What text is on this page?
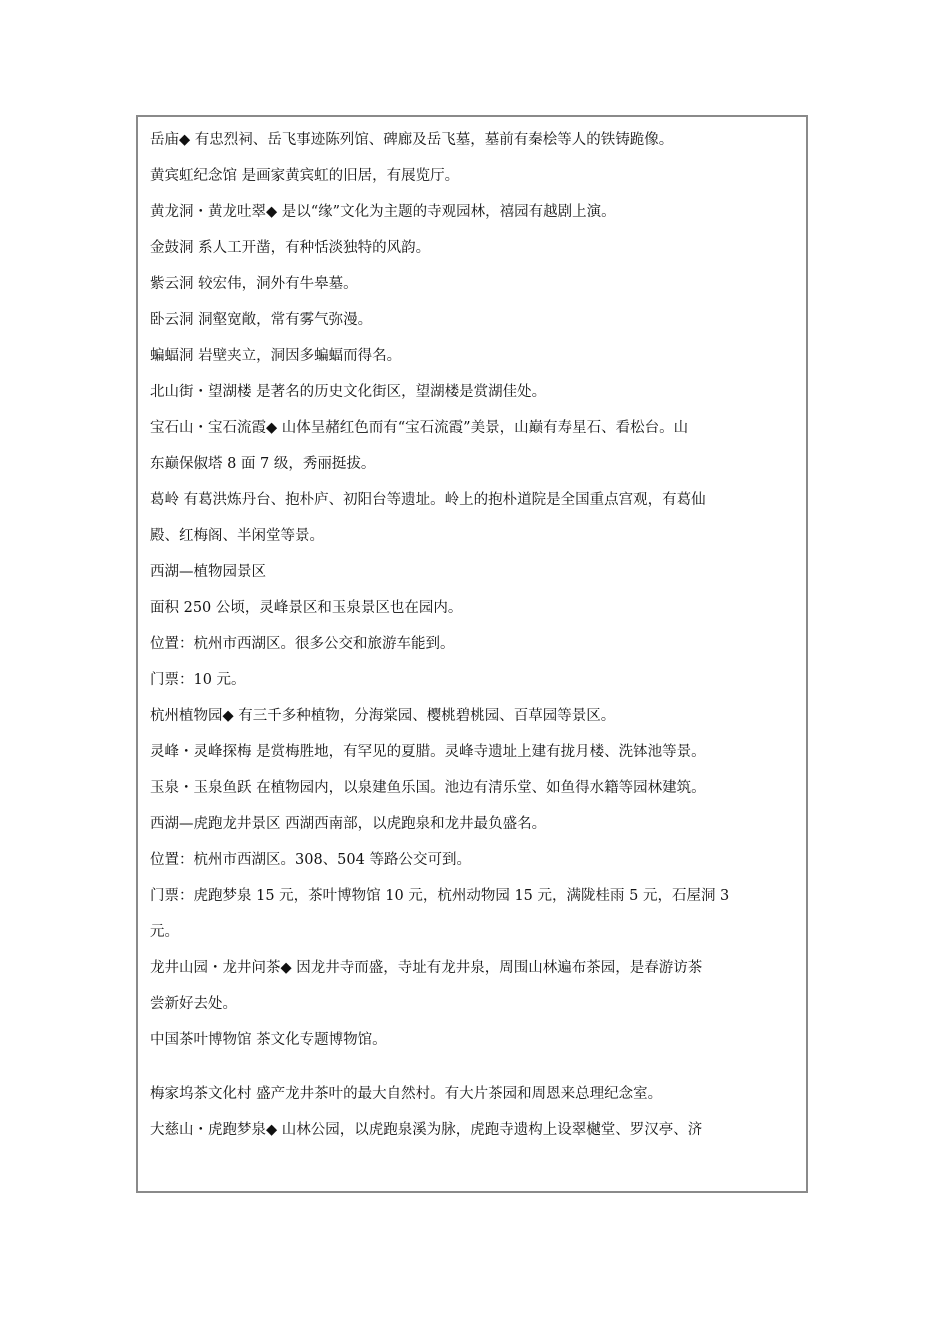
岳庙◆ 有忠烈祠、岳飞事迹陈列馆、碑廊及岳飞墓，墓前有秦桧等人的铁铸跪像。
黄宾虹纪念馆 是画家黄宾虹的旧居，有展览厅。
黄龙洞・黄龙吐翠◆ 是以“缘”文化为主题的寺观园林，禧园有越剧上演。
金鼓洞 系人工开凿，有种恬淡独特的风韵。
紫云洞 较宏伟，洞外有牛皋墓。
卧云洞 洞壑宽敞，常有雾气弥漫。
蝙蝠洞 岩壁夹立，洞因多蝙蝠而得名。
北山街・望湖楼 是著名的历史文化街区，望湖楼是赏湖佳处。
宝石山・宝石流霞◆ 山体呈赭红色而有“宝石流霞”美景，山巅有寿星石、看松台。山
东巅保俶塔 8 面 7 级，秀丽挺拔。
葛岭 有葛洪炼丹台、抱朴庐、初阳台等遗址。岭上的抱朴道院是全国重点宫观，有葛仙
殿、红梅阁、半闲堂等景。
西湖—植物园景区
面积 250 公顷，灵峰景区和玉泉景区也在园内。
位置：杭州市西湖区。很多公交和旅游车能到。
门票：10 元。
杭州植物园◆ 有三千多种植物，分海棠园、樱桃碧桃园、百草园等景区。
灵峰・灵峰探梅 是赏梅胜地，有罕见的夏腊。灵峰寺遗址上建有拢月楼、洗钵池等景。
玉泉・玉泉鱼跃 在植物园内，以泉建鱼乐国。池边有清乐堂、如鱼得水籍等园林建筑。
西湖—虎跑龙井景区 西湖西南部，以虎跑泉和龙井最负盛名。
位置：杭州市西湖区。308、504 等路公交可到。
门票：虎跑梦泉 15 元，茶叶博物馆 10 元，杭州动物园 15 元，满陇桂雨 5 元，石屋洞 3
元。
龙井山园・龙井问茶◆ 因龙井寺而盛，寺址有龙井泉，周围山林遍布茶园，是春游访茶
尝新好去处。
中国茶叶博物馆 茶文化专题博物馆。
梅家坞茶文化村 盛产龙井茶叶的最大自然村。有大片茶园和周恩来总理纪念室。
大慈山・虎跑梦泉◆ 山林公园，以虎跑泉溪为脉，虎跑寺遗构上设翠樾堂、罗汉亭、济
